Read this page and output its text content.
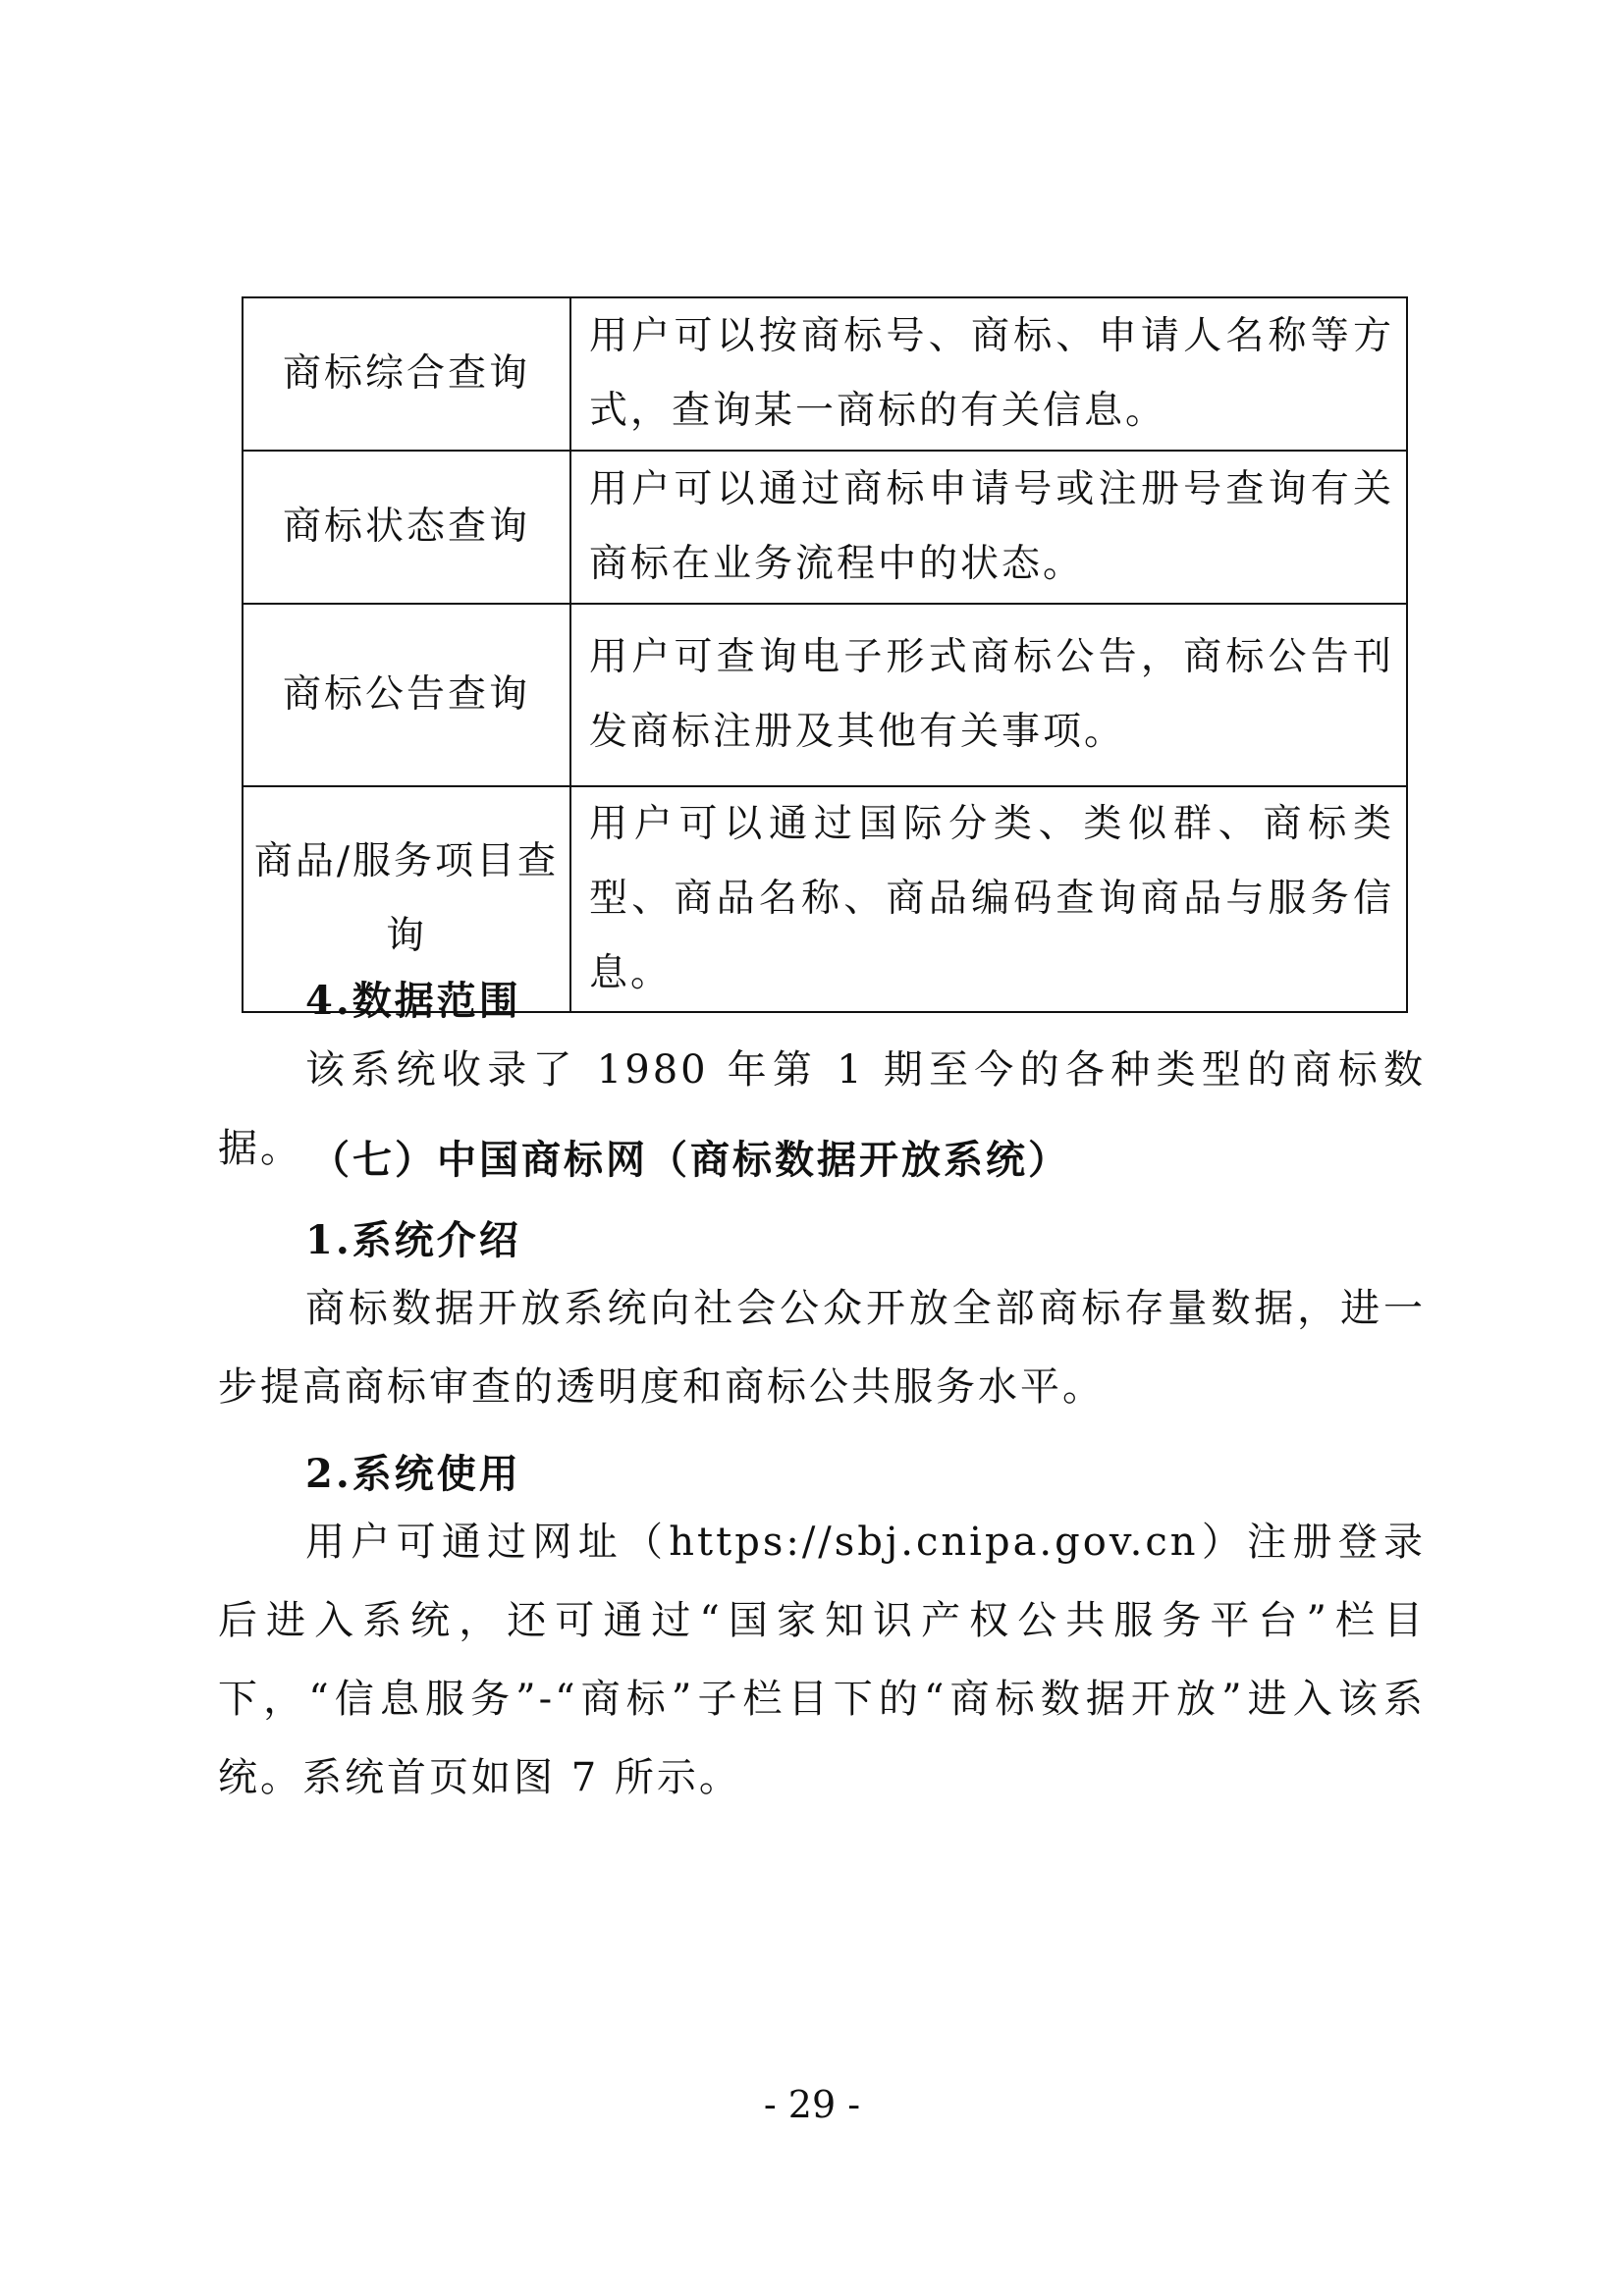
商标综合查询	用户可以按商标号、商标、申请人名称等方式，查询某一商标的有关信息。
商标状态查询	用户可以通过商标申请号或注册号查询有关商标在业务流程中的状态。
商标公告查询	用户可查询电子形式商标公告，商标公告刊发商标注册及其他有关事项。
商品/服务项目查询	用户可以通过国际分类、类似群、商标类型、商品名称、商品编码查询商品与服务信息。
4.数据范围

该系统收录了 1980 年第 1 期至今的各种类型的商标数据。 （七）中国商标网（商标数据开放系统）
1.系统介绍

商标数据开放系统向社会公众开放全部商标存量数据，进一步提高商标审查的透明度和商标公共服务水平。

2.系统使用

用户可通过网址（https://sbj.cnipa.gov.cn）注册登录后进入系统，还可通过“国家知识产权公共服务平台”栏目下，“信息服务”-“商标”子栏目下的“商标数据开放”进入该系统。系统首页如图 7 所示。

- 29 -
